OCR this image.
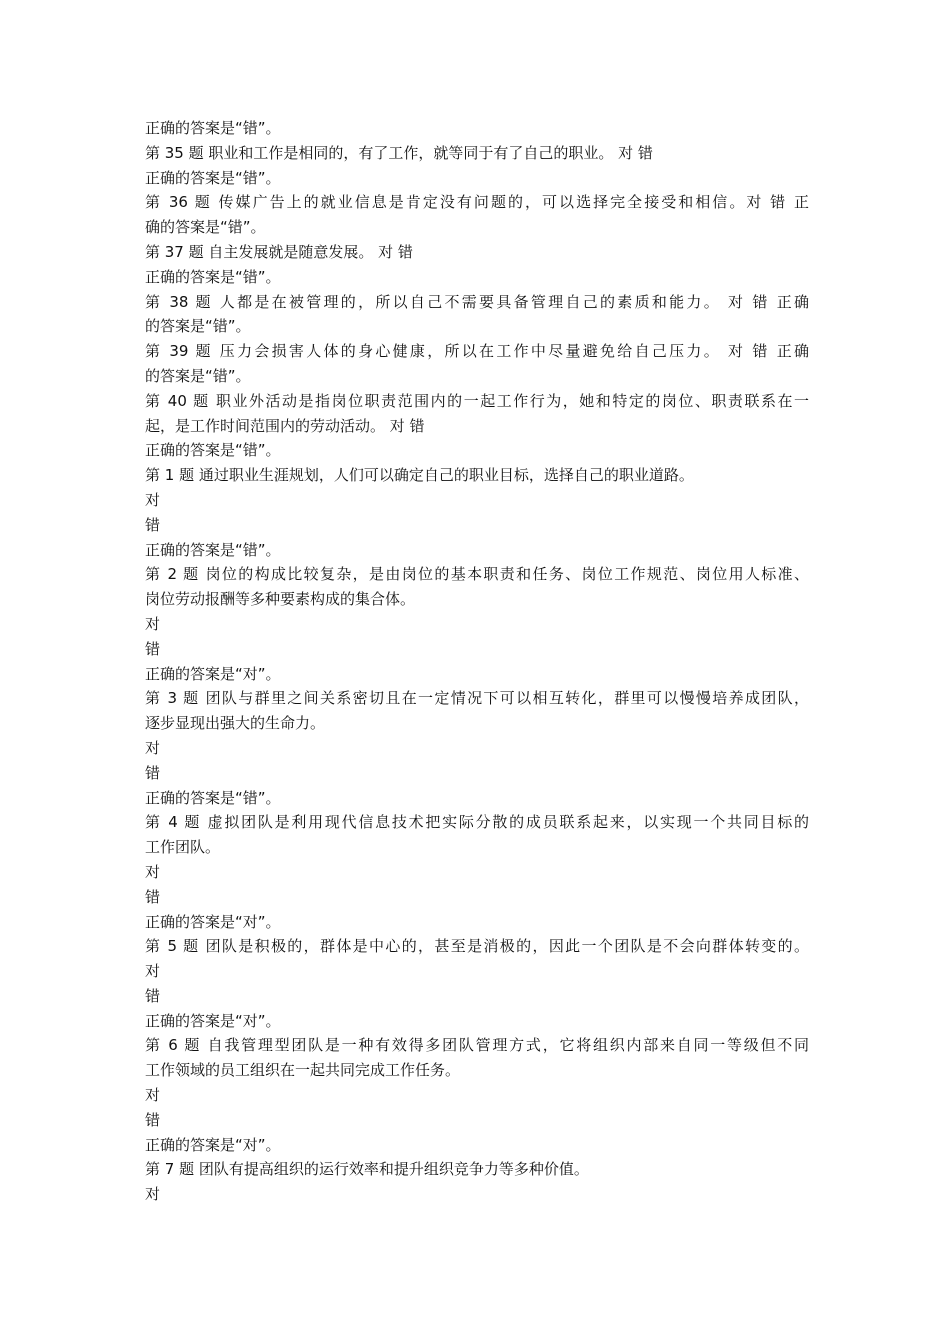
正确的答案是“错”。
第 35 题 职业和工作是相同的，有了工作，就等同于有了自己的职业。 对 错
正确的答案是“错”。
第 36 题 传媒广告上的就业信息是肯定没有问题的，可以选择完全接受和相信。对 错 正
确的答案是“错”。
第 37 题 自主发展就是随意发展。 对 错
正确的答案是“错”。
第 38 题 人都是在被管理的，所以自己不需要具备管理自己的素质和能力。 对 错 正确
的答案是“错”。
第 39 题 压力会损害人体的身心健康，所以在工作中尽量避免给自己压力。 对 错 正确
的答案是“错”。
第 40 题 职业外活动是指岗位职责范围内的一起工作行为，她和特定的岗位、职责联系在一
起，是工作时间范围内的劳动活动。 对 错
正确的答案是“错”。
第 1 题 通过职业生涯规划，人们可以确定自己的职业目标，选择自己的职业道路。
对
错
正确的答案是“错”。
第 2 题 岗位的构成比较复杂，是由岗位的基本职责和任务、岗位工作规范、岗位用人标准、
岗位劳动报酬等多种要素构成的集合体。
对
错
正确的答案是“对”。
第 3 题 团队与群里之间关系密切且在一定情况下可以相互转化，群里可以慢慢培养成团队，
逐步显现出强大的生命力。
对
错
正确的答案是“错”。
第 4 题 虚拟团队是利用现代信息技术把实际分散的成员联系起来，以实现一个共同目标的
工作团队。
对
错
正确的答案是“对”。
第 5 题 团队是积极的，群体是中心的，甚至是消极的，因此一个团队是不会向群体转变的。
对
错
正确的答案是“对”。
第 6 题 自我管理型团队是一种有效得多团队管理方式，它将组织内部来自同一等级但不同
工作领域的员工组织在一起共同完成工作任务。
对
错
正确的答案是“对”。
第 7 题 团队有提高组织的运行效率和提升组织竞争力等多种价值。
对
